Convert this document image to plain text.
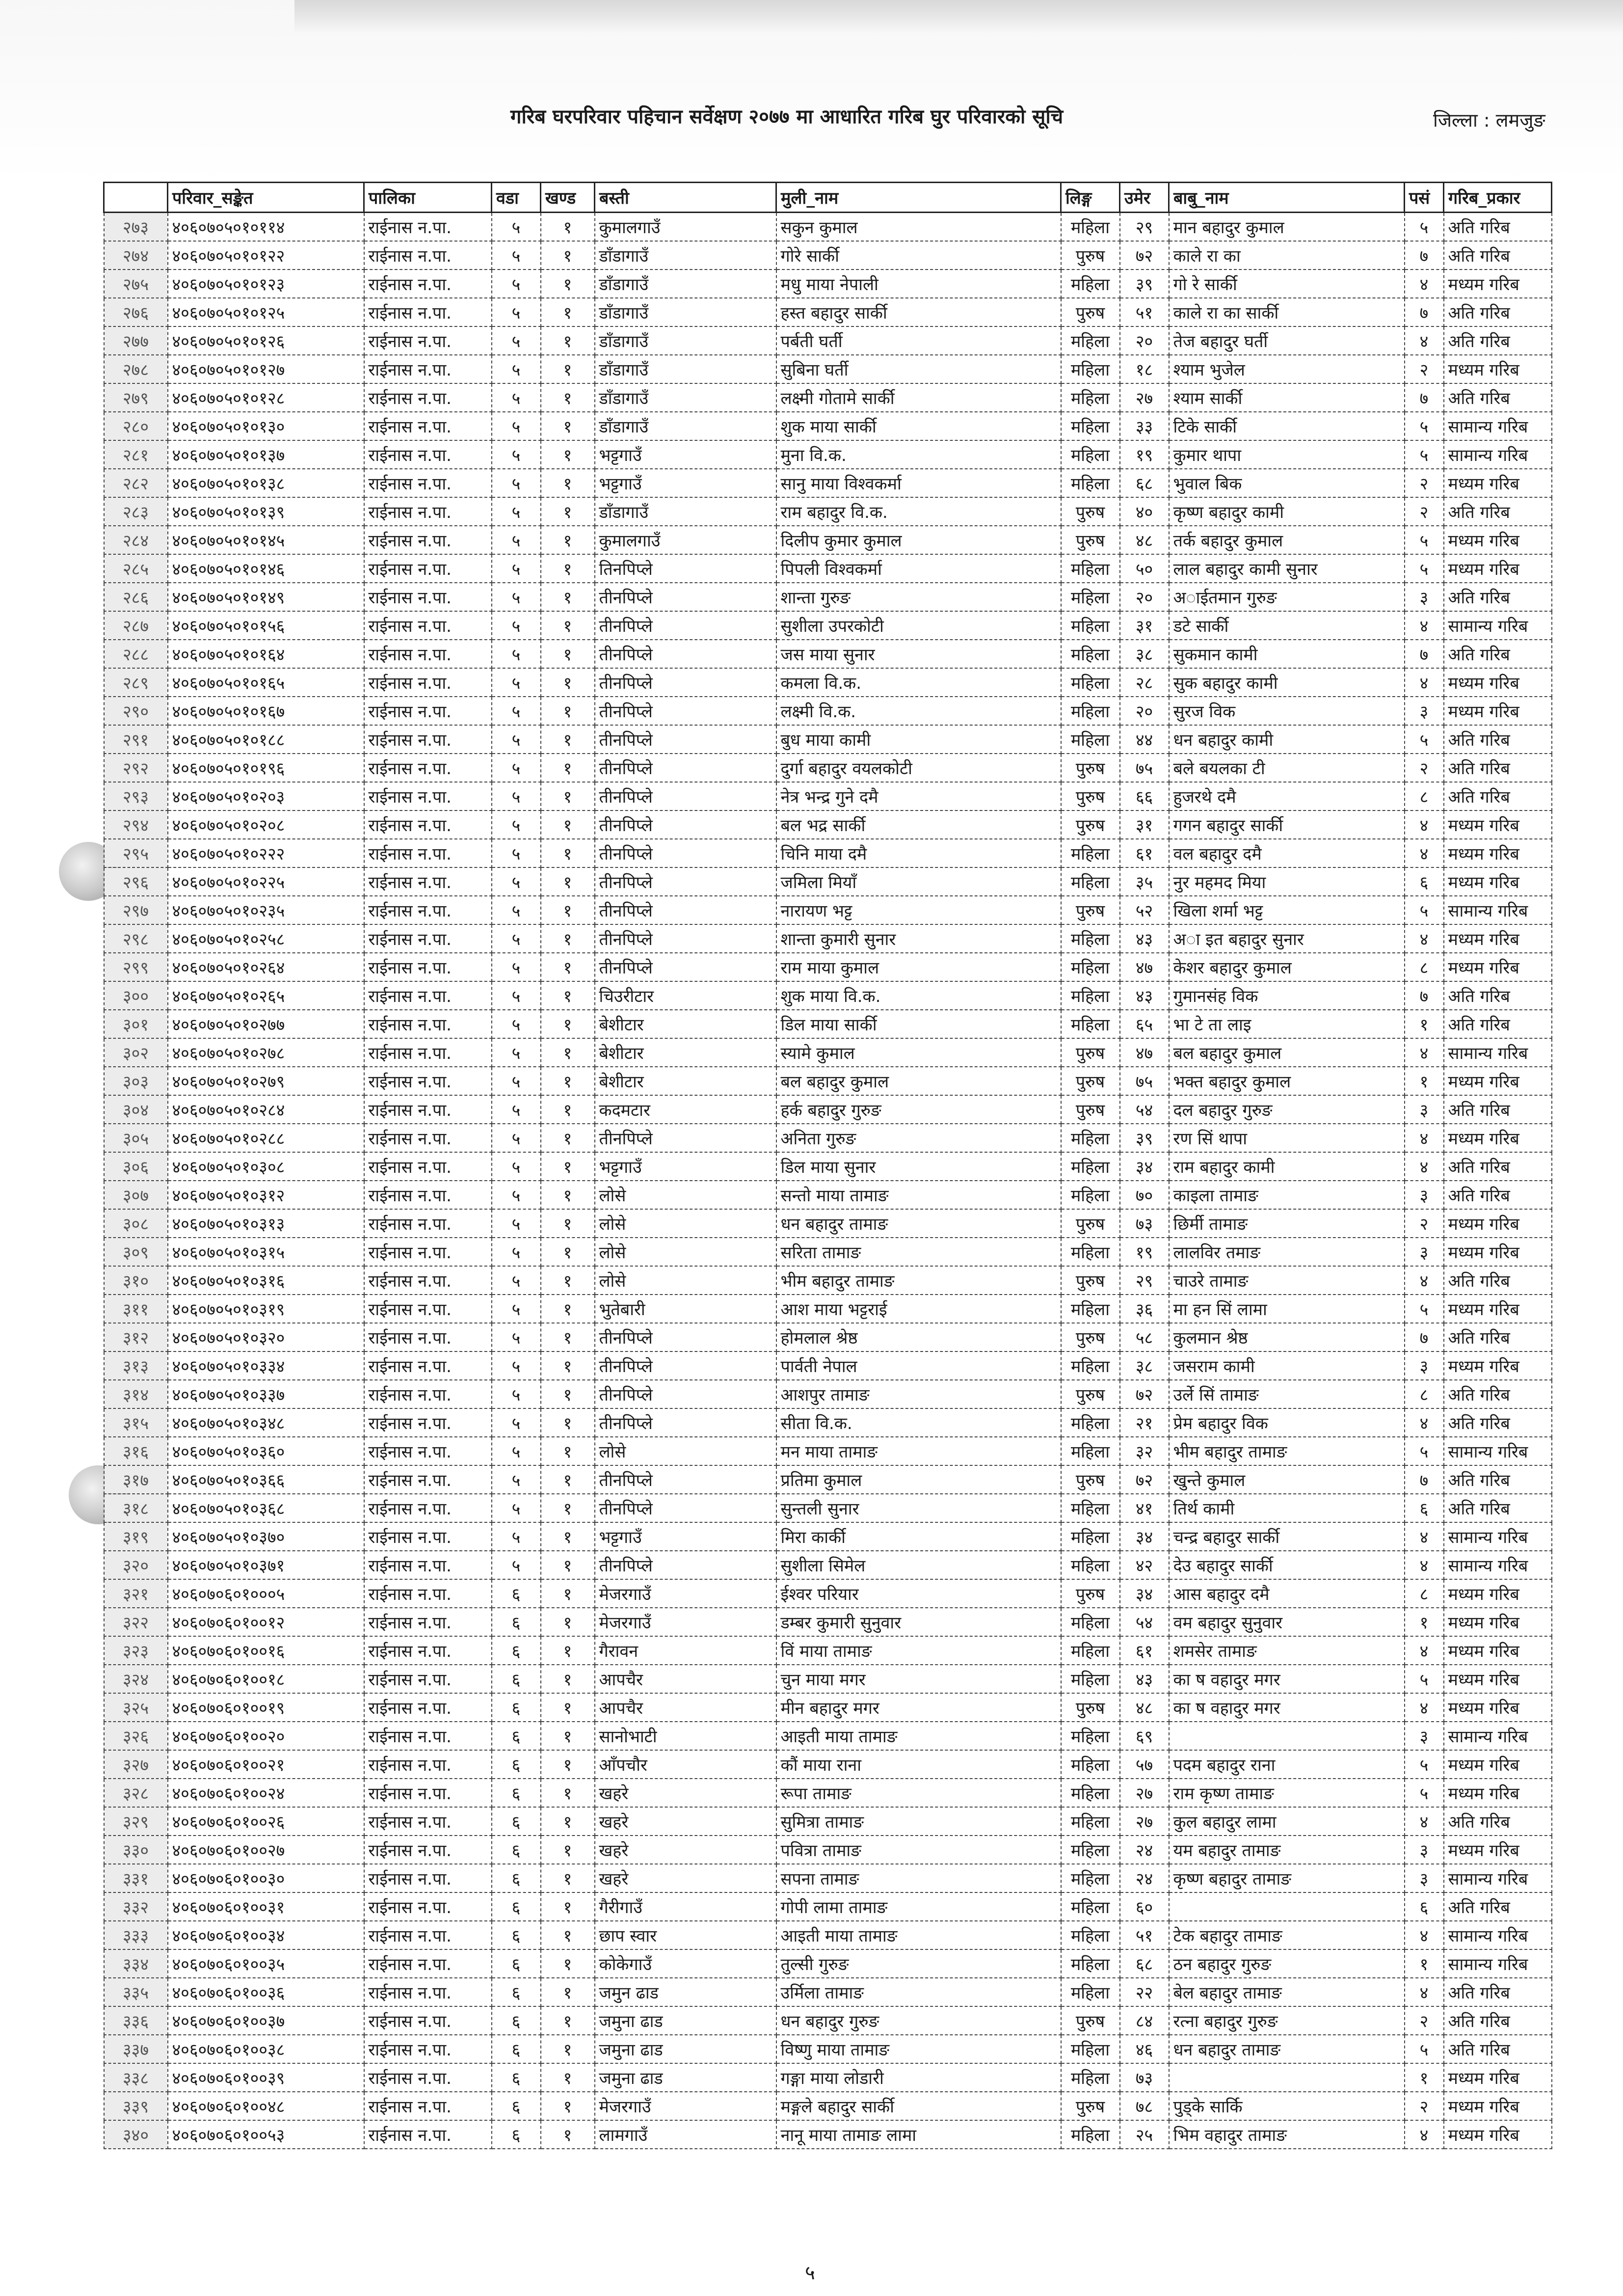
गरिब घरपरिवार पहिचान सर्वेक्षण २०७७ मा आधारित गरिब घुर परिवारको सूचि	जिल्ला : लमजुङ
	परिवार_सङ्केत	पालिका	वडा	खण्ड	बस्ती	मुली_नाम	लिङ्ग	उमेर	बाबु_नाम	पसं	गरिब_प्रकार
२७३	४०६०७०५०१०११४	राईनास न.पा.	५	१	कुमालगाउँ	सकुन कुमाल	महिला	२९	मान बहादुर कुमाल	५	अति गरिब
२७४	४०६०७०५०१०१२२	राईनास न.पा.	५	१	डाँडागाउँ	गोरे सार्की	पुरुष	७२	काले रा का	७	अति गरिब
२७५	४०६०७०५०१०१२३	राईनास न.पा.	५	१	डाँडागाउँ	मधु माया नेपाली	महिला	३९	गो रे सार्की	४	मध्यम गरिब
२७६	४०६०७०५०१०१२५	राईनास न.पा.	५	१	डाँडागाउँ	हस्त बहादुर सार्की	पुरुष	५१	काले रा का सार्की	७	अति गरिब
२७७	४०६०७०५०१०१२६	राईनास न.पा.	५	१	डाँडागाउँ	पर्बती घर्ती	महिला	२०	तेज बहादुर घर्ती	४	अति गरिब
२७८	४०६०७०५०१०१२७	राईनास न.पा.	५	१	डाँडागाउँ	सुबिना घर्ती	महिला	१८	श्याम भुजेल	२	मध्यम गरिब
२७९	४०६०७०५०१०१२८	राईनास न.पा.	५	१	डाँडागाउँ	लक्ष्मी गोतामे सार्की	महिला	२७	श्याम सार्की	७	अति गरिब
२८०	४०६०७०५०१०१३०	राईनास न.पा.	५	१	डाँडागाउँ	शुक माया सार्की	महिला	३३	टिके सार्की	५	सामान्य गरिब
२८१	४०६०७०५०१०१३७	राईनास न.पा.	५	१	भट्टगाउँ	मुना वि.क.	महिला	१९	कुमार थापा	५	सामान्य गरिब
२८२	४०६०७०५०१०१३८	राईनास न.पा.	५	१	भट्टगाउँ	सानु माया विश्वकर्मा	महिला	६८	भुवाल बिक	२	मध्यम गरिब
२८३	४०६०७०५०१०१३९	राईनास न.पा.	५	१	डाँडागाउँ	राम बहादुर वि.क.	पुरुष	४०	कृष्ण बहादुर कामी	२	अति गरिब
२८४	४०६०७०५०१०१४५	राईनास न.पा.	५	१	कुमालगाउँ	दिलीप कुमार कुमाल	पुरुष	४८	तर्क बहादुर कुमाल	५	मध्यम गरिब
२८५	४०६०७०५०१०१४६	राईनास न.पा.	५	१	तिनपिप्ले	पिपली विश्वकर्मा	महिला	५०	लाल बहादुर कामी सुनार	५	मध्यम गरिब
२८६	४०६०७०५०१०१४९	राईनास न.पा.	५	१	तीनपिप्ले	शान्ता गुरुङ	महिला	२०	अाईतमान गुरुङ	३	अति गरिब
२८७	४०६०७०५०१०१५६	राईनास न.पा.	५	१	तीनपिप्ले	सुशीला उपरकोटी	महिला	३१	डटे सार्की	४	सामान्य गरिब
२८८	४०६०७०५०१०१६४	राईनास न.पा.	५	१	तीनपिप्ले	जस माया सुनार	महिला	३८	सुकमान कामी	७	अति गरिब
२८९	४०६०७०५०१०१६५	राईनास न.पा.	५	१	तीनपिप्ले	कमला वि.क.	महिला	२८	सुक बहादुर कामी	४	मध्यम गरिब
२९०	४०६०७०५०१०१६७	राईनास न.पा.	५	१	तीनपिप्ले	लक्ष्मी वि.क.	महिला	२०	सुरज विक	३	मध्यम गरिब
२९१	४०६०७०५०१०१८८	राईनास न.पा.	५	१	तीनपिप्ले	बुध माया कामी	महिला	४४	धन बहादुर कामी	५	अति गरिब
२९२	४०६०७०५०१०१९६	राईनास न.पा.	५	१	तीनपिप्ले	दुर्गा बहादुर वयलकोटी	पुरुष	७५	बले बयलका टी	२	अति गरिब
२९३	४०६०७०५०१०२०३	राईनास न.पा.	५	१	तीनपिप्ले	नेत्र भन्द्र गुने दमै	पुरुष	६६	हुजरथे दमै	८	अति गरिब
२९४	४०६०७०५०१०२०८	राईनास न.पा.	५	१	तीनपिप्ले	बल भद्र सार्की	पुरुष	३१	गगन बहादुर सार्की	४	मध्यम गरिब
२९५	४०६०७०५०१०२२२	राईनास न.पा.	५	१	तीनपिप्ले	चिनि माया दमै	महिला	६१	वल बहादुर दमै	४	मध्यम गरिब
२९६	४०६०७०५०१०२२५	राईनास न.पा.	५	१	तीनपिप्ले	जमिला मियाँ	महिला	३५	नुर महमद मिया	६	मध्यम गरिब
२९७	४०६०७०५०१०२३५	राईनास न.पा.	५	१	तीनपिप्ले	नारायण भट्ट	पुरुष	५२	खिला शर्मा भट्ट	५	सामान्य गरिब
२९८	४०६०७०५०१०२५८	राईनास न.पा.	५	१	तीनपिप्ले	शान्ता कुमारी सुनार	महिला	४३	अा इत बहादुर सुनार	४	मध्यम गरिब
२९९	४०६०७०५०१०२६४	राईनास न.पा.	५	१	तीनपिप्ले	राम माया कुमाल	महिला	४७	केशर बहादुर कुमाल	८	मध्यम गरिब
३००	४०६०७०५०१०२६५	राईनास न.पा.	५	१	चिउरीटार	शुक माया वि.क.	महिला	४३	गुमानसंह विक	७	अति गरिब
३०१	४०६०७०५०१०२७७	राईनास न.पा.	५	१	बेशीटार	डिल माया सार्की	महिला	६५	भा टे ता लाइ	१	अति गरिब
३०२	४०६०७०५०१०२७८	राईनास न.पा.	५	१	बेशीटार	स्यामे कुमाल	पुरुष	४७	बल बहादुर कुमाल	४	सामान्य गरिब
३०३	४०६०७०५०१०२७९	राईनास न.पा.	५	१	बेशीटार	बल बहादुर कुमाल	पुरुष	७५	भक्त बहादुर कुमाल	१	मध्यम गरिब
३०४	४०६०७०५०१०२८४	राईनास न.पा.	५	१	कदमटार	हर्क बहादुर गुरुङ	पुरुष	५४	दल बहादुर गुरुङ	३	अति गरिब
३०५	४०६०७०५०१०२८८	राईनास न.पा.	५	१	तीनपिप्ले	अनिता गुरुङ	महिला	३९	रण सिं थापा	४	मध्यम गरिब
३०६	४०६०७०५०१०३०८	राईनास न.पा.	५	१	भट्टगाउँ	डिल माया सुनार	महिला	३४	राम बहादुर कामी	४	अति गरिब
३०७	४०६०७०५०१०३१२	राईनास न.पा.	५	१	लोसे	सन्तो माया तामाङ	महिला	७०	काइला तामाङ	३	अति गरिब
३०८	४०६०७०५०१०३१३	राईनास न.पा.	५	१	लोसे	धन बहादुर तामाङ	पुरुष	७३	छिर्मी तामाङ	२	मध्यम गरिब
३०९	४०६०७०५०१०३१५	राईनास न.पा.	५	१	लोसे	सरिता तामाङ	महिला	१९	लालविर तमाङ	३	मध्यम गरिब
३१०	४०६०७०५०१०३१६	राईनास न.पा.	५	१	लोसे	भीम बहादुर तामाङ	पुरुष	२९	चाउरे तामाङ	४	अति गरिब
३११	४०६०७०५०१०३१९	राईनास न.पा.	५	१	भुतेबारी	आश माया भट्टराई	महिला	३६	मा हन सिं लामा	५	मध्यम गरिब
३१२	४०६०७०५०१०३२०	राईनास न.पा.	५	१	तीनपिप्ले	होमलाल श्रेष्ठ	पुरुष	५८	कुलमान श्रेष्ठ	७	अति गरिब
३१३	४०६०७०५०१०३३४	राईनास न.पा.	५	१	तीनपिप्ले	पार्वती नेपाल	महिला	३८	जसराम कामी	३	मध्यम गरिब
३१४	४०६०७०५०१०३३७	राईनास न.पा.	५	१	तीनपिप्ले	आशपुर तामाङ	पुरुष	७२	उर्ले सिं तामाङ	८	अति गरिब
३१५	४०६०७०५०१०३४८	राईनास न.पा.	५	१	तीनपिप्ले	सीता वि.क.	महिला	२१	प्रेम बहादुर विक	४	अति गरिब
३१६	४०६०७०५०१०३६०	राईनास न.पा.	५	१	लोसे	मन माया तामाङ	महिला	३२	भीम बहादुर तामाङ	५	सामान्य गरिब
३१७	४०६०७०५०१०३६६	राईनास न.पा.	५	१	तीनपिप्ले	प्रतिमा कुमाल	पुरुष	७२	खुन्ते कुमाल	७	अति गरिब
३१८	४०६०७०५०१०३६८	राईनास न.पा.	५	१	तीनपिप्ले	सुन्तली सुनार	महिला	४१	तिर्थ कामी	६	अति गरिब
३१९	४०६०७०५०१०३७०	राईनास न.पा.	५	१	भट्टगाउँ	मिरा कार्की	महिला	३४	चन्द्र बहादुर सार्की	४	सामान्य गरिब
३२०	४०६०७०५०१०३७१	राईनास न.पा.	५	१	तीनपिप्ले	सुशीला सिमेल	महिला	४२	देउ बहादुर सार्की	४	सामान्य गरिब
३२१	४०६०७०६०१०००५	राईनास न.पा.	६	१	मेजरगाउँ	ईश्वर परियार	पुरुष	३४	आस बहादुर दमै	८	मध्यम गरिब
३२२	४०६०७०६०१००१२	राईनास न.पा.	६	१	मेजरगाउँ	डम्बर कुमारी सुनुवार	महिला	५४	वम बहादुर सुनुवार	१	मध्यम गरिब
३२३	४०६०७०६०१००१६	राईनास न.पा.	६	१	गैरावन	विं माया तामाङ	महिला	६१	शमसेर तामाङ	४	मध्यम गरिब
३२४	४०६०७०६०१००१८	राईनास न.पा.	६	१	आपचैर	चुन माया मगर	महिला	४३	का ष वहादुर मगर	५	मध्यम गरिब
३२५	४०६०७०६०१००१९	राईनास न.पा.	६	१	आपचैर	मीन बहादुर मगर	पुरुष	४८	का ष वहादुर मगर	४	मध्यम गरिब
३२६	४०६०७०६०१००२०	राईनास न.पा.	६	१	सानोभाटी	आइती माया तामाङ	महिला	६९		३	सामान्य गरिब
३२७	४०६०७०६०१००२१	राईनास न.पा.	६	१	आँपचौर	कौं माया राना	महिला	५७	पदम बहादुर राना	५	मध्यम गरिब
३२८	४०६०७०६०१००२४	राईनास न.पा.	६	१	खहरे	रूपा तामाङ	महिला	२७	राम कृष्ण तामाङ	५	मध्यम गरिब
३२९	४०६०७०६०१००२६	राईनास न.पा.	६	१	खहरे	सुमित्रा तामाङ	महिला	२७	कुल बहादुर लामा	४	अति गरिब
३३०	४०६०७०६०१००२७	राईनास न.पा.	६	१	खहरे	पवित्रा तामाङ	महिला	२४	यम बहादुर तामाङ	३	मध्यम गरिब
३३१	४०६०७०६०१००३०	राईनास न.पा.	६	१	खहरे	सपना तामाङ	महिला	२४	कृष्ण बहादुर तामाङ	३	सामान्य गरिब
३३२	४०६०७०६०१००३१	राईनास न.पा.	६	१	गैरीगाउँ	गोपी लामा तामाङ	महिला	६०		६	अति गरिब
३३३	४०६०७०६०१००३४	राईनास न.पा.	६	१	छाप स्वार	आइती माया तामाङ	महिला	५१	टेक बहादुर तामाङ	४	सामान्य गरिब
३३४	४०६०७०६०१००३५	राईनास न.पा.	६	१	कोकेगाउँ	तुल्सी गुरुङ	महिला	६८	ठन बहादुर गुरुङ	१	सामान्य गरिब
३३५	४०६०७०६०१००३६	राईनास न.पा.	६	१	जमुन ढाड	उर्मिला तामाङ	महिला	२२	बेल बहादुर तामाङ	४	अति गरिब
३३६	४०६०७०६०१००३७	राईनास न.पा.	६	१	जमुना ढाड	धन बहादुर गुरुङ	पुरुष	८४	रत्ना बहादुर गुरुङ	२	अति गरिब
३३७	४०६०७०६०१००३८	राईनास न.पा.	६	१	जमुना ढाड	विष्णु माया तामाङ	महिला	४६	धन बहादुर तामाङ	५	अति गरिब
३३८	४०६०७०६०१००३९	राईनास न.पा.	६	१	जमुना ढाड	गङ्गा माया लोडारी	महिला	७३		१	मध्यम गरिब
३३९	४०६०७०६०१००४८	राईनास न.पा.	६	१	मेजरगाउँ	मङ्गले बहादुर सार्की	पुरुष	७८	पुड्के सार्कि	२	मध्यम गरिब
३४०	४०६०७०६०१००५३	राईनास न.पा.	६	१	लामगाउँ	नानू माया तामाङ लामा	महिला	२५	भिम वहादुर तामाङ	४	मध्यम गरिब
५
